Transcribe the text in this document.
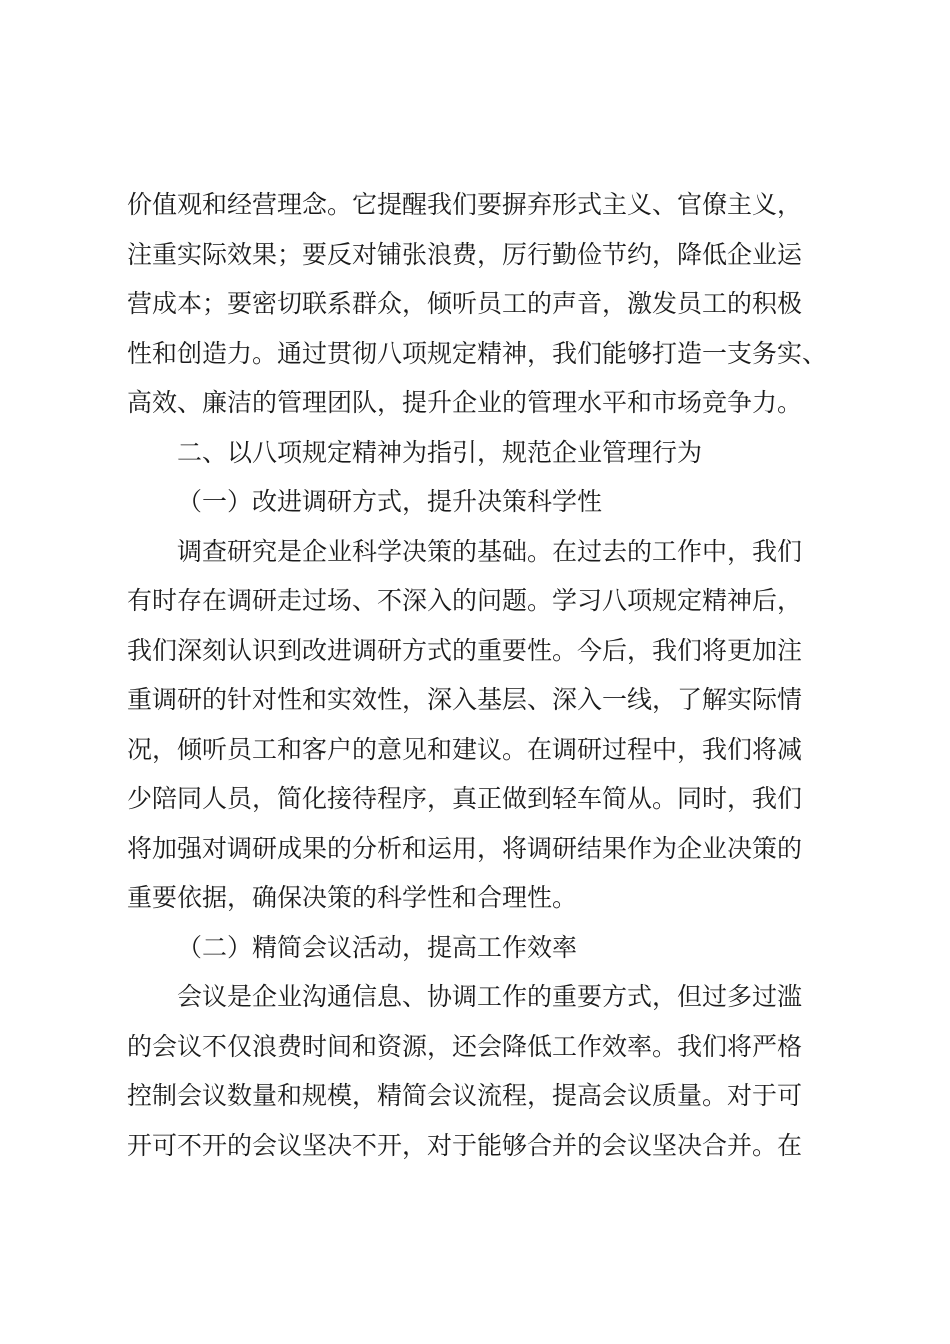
价值观和经营理念。它提醒我们要摒弃形式主义、官僚主义，
注重实际效果；要反对铺张浪费，厉行勤俭节约，降低企业运
营成本；要密切联系群众，倾听员工的声音，激发员工的积极
性和创造力。通过贯彻八项规定精神，我们能够打造一支务实、
高效、廉洁的管理团队，提升企业的管理水平和市场竞争力。
二、以八项规定精神为指引，规范企业管理行为
（一）改进调研方式，提升决策科学性
调查研究是企业科学决策的基础。在过去的工作中，我们
有时存在调研走过场、不深入的问题。学习八项规定精神后，
我们深刻认识到改进调研方式的重要性。今后，我们将更加注
重调研的针对性和实效性，深入基层、深入一线，了解实际情
况，倾听员工和客户的意见和建议。在调研过程中，我们将减
少陪同人员，简化接待程序，真正做到轻车简从。同时，我们
将加强对调研成果的分析和运用，将调研结果作为企业决策的
重要依据，确保决策的科学性和合理性。
（二）精简会议活动，提高工作效率
会议是企业沟通信息、协调工作的重要方式，但过多过滥
的会议不仅浪费时间和资源，还会降低工作效率。我们将严格
控制会议数量和规模，精简会议流程，提高会议质量。对于可
开可不开的会议坚决不开，对于能够合并的会议坚决合并。在
